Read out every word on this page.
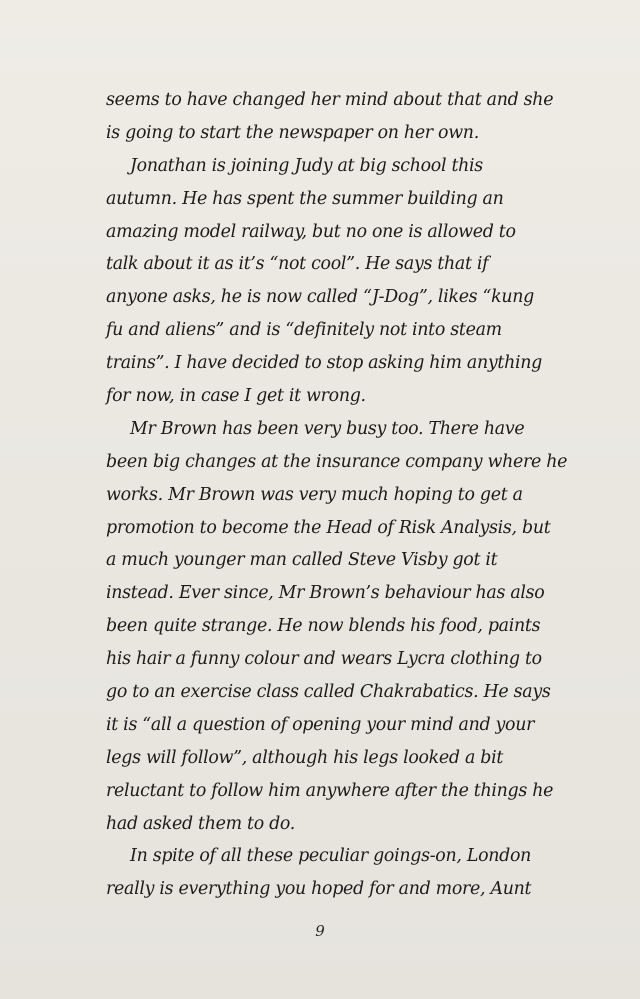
seems to have changed her mind about that and she
is going to start the newspaper on her own.
Jonathan is joining Judy at big school this
autumn. He has spent the summer building an
amazing model railway, but no one is allowed to
talk about it as it’s “not cool”. He says that if
anyone asks, he is now called “J-Dog”, likes “kung
fu and aliens” and is “definitely not into steam
trains”. I have decided to stop asking him anything
for now, in case I get it wrong.
Mr Brown has been very busy too. There have
been big changes at the insurance company where he
works. Mr Brown was very much hoping to get a
promotion to become the Head of Risk Analysis, but
a much younger man called Steve Visby got it
instead. Ever since, Mr Brown’s behaviour has also
been quite strange. He now blends his food, paints
his hair a funny colour and wears Lycra clothing to
go to an exercise class called Chakrabatics. He says
it is “all a question of opening your mind and your
legs will follow”, although his legs looked a bit
reluctant to follow him anywhere after the things he
had asked them to do.
In spite of all these peculiar goings-on, London
really is everything you hoped for and more, Aunt
9
